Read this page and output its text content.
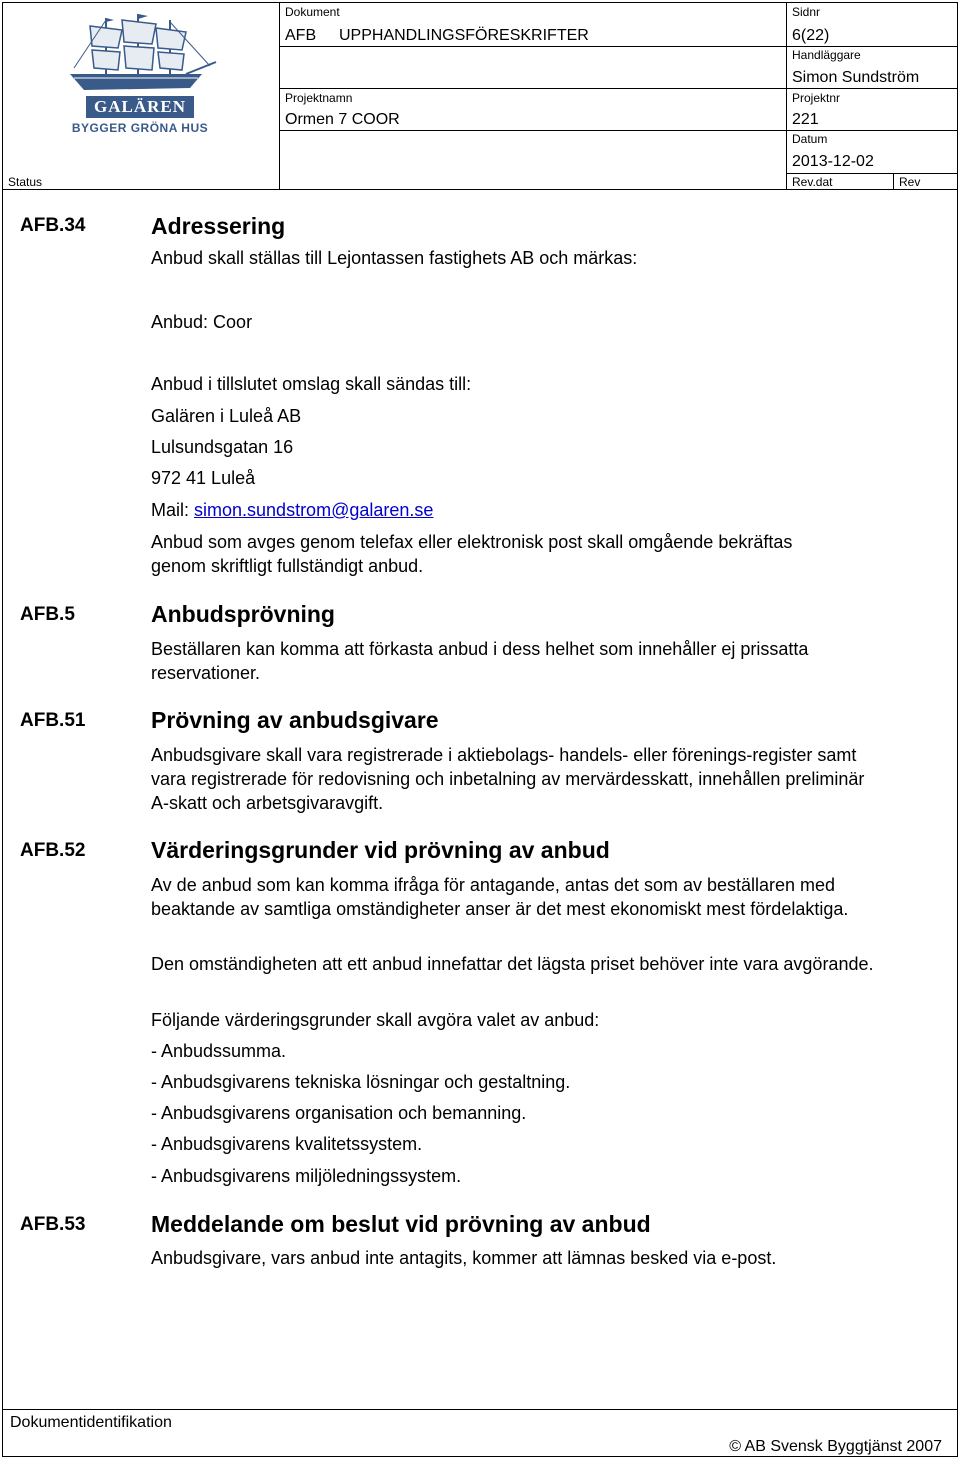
GALÄREN
BYGGER GRÖNA HUS
Dokument
AFB UPPHANDLINGSFÖRESKRIFTER
Sidnr
6(22)
Handläggare
Simon Sundström
Projektnamn
Ormen 7 COOR
Projektnr
221
Datum
2013-12-02
Status	Rev.dat	Rev
AFB.34	Adressering
Anbud skall ställas till Lejontassen fastighets AB och märkas:
Anbud: Coor
Anbud i tillslutet omslag skall sändas till:
Galären i Luleå AB
Lulsundsgatan 16
972 41 Luleå
Mail: simon.sundstrom@galaren.se
Anbud som avges genom telefax eller elektronisk post skall omgående bekräftas genom skriftligt fullständigt anbud.
AFB.5	Anbudsprövning
Beställaren kan komma att förkasta anbud i dess helhet som innehåller ej prissatta reservationer.
AFB.51	Prövning av anbudsgivare
Anbudsgivare skall vara registrerade i aktiebolags- handels- eller förenings-register samt vara registrerade för redovisning och inbetalning av mervärdesskatt, innehållen preliminär A-skatt och arbetsgivaravgift.
AFB.52	Värderingsgrunder vid prövning av anbud
Av de anbud som kan komma ifråga för antagande, antas det som av beställaren med beaktande av samtliga omständigheter anser är det mest ekonomiskt mest fördelaktiga.
Den omständigheten att ett anbud innefattar det lägsta priset behöver inte vara avgörande.
Följande värderingsgrunder skall avgöra valet av anbud:
- Anbudssumma.
- Anbudsgivarens tekniska lösningar och gestaltning.
- Anbudsgivarens organisation och bemanning.
- Anbudsgivarens kvalitetssystem.
- Anbudsgivarens miljöledningssystem.
AFB.53	Meddelande om beslut vid prövning av anbud
Anbudsgivare, vars anbud inte antagits, kommer att lämnas besked via e-post.
Dokumentidentifikation
© AB Svensk Byggtjänst 2007
